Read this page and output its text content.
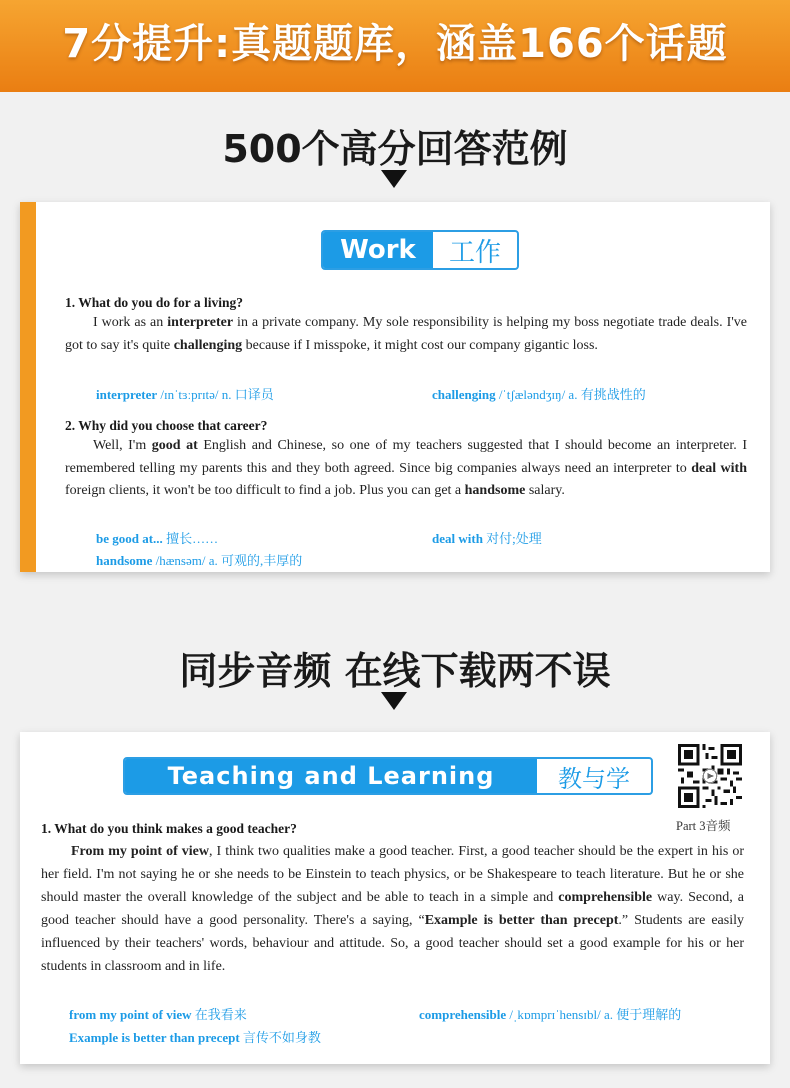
7分提升:真题题库，涵盖166个话题
500个高分回答范例
Work	工作
1. What do you do for a living?
I work as an interpreter in a private company. My sole responsibility is helping my boss negotiate trade deals. I've got to say it's quite challenging because if I misspoke, it might cost our company gigantic loss.
interpreter /ɪnˈtɜːprɪtə/ n. 口译员	challenging /ˈtʃæləndʒɪŋ/ a. 有挑战性的
2. Why did you choose that career?
Well, I'm good at English and Chinese, so one of my teachers suggested that I should become an interpreter. I remembered telling my parents this and they both agreed. Since big companies always need an interpreter to deal with foreign clients, it won't be too difficult to find a job. Plus you can get a handsome salary.
be good at... 擅长……	deal with 对付;处理
handsome /hænsəm/ a. 可观的,丰厚的
同步音频 在线下载两不误
Teaching and Learning	教与学
Part 3音频
1. What do you think makes a good teacher?
From my point of view, I think two qualities make a good teacher. First, a good teacher should be the expert in his or her field. I'm not saying he or she needs to be Einstein to teach physics, or be Shakespeare to teach literature. But he or she should master the overall knowledge of the subject and be able to teach in a simple and comprehensible way. Second, a good teacher should have a good personality. There's a saying, “Example is better than precept.” Students are easily influenced by their teachers' words, behaviour and attitude. So, a good teacher should set a good example for his or her students in classroom and in life.
from my point of view 在我看来	comprehensible /ˌkɒmprɪˈhensɪbl/ a. 便于理解的
Example is better than precept 言传不如身教
